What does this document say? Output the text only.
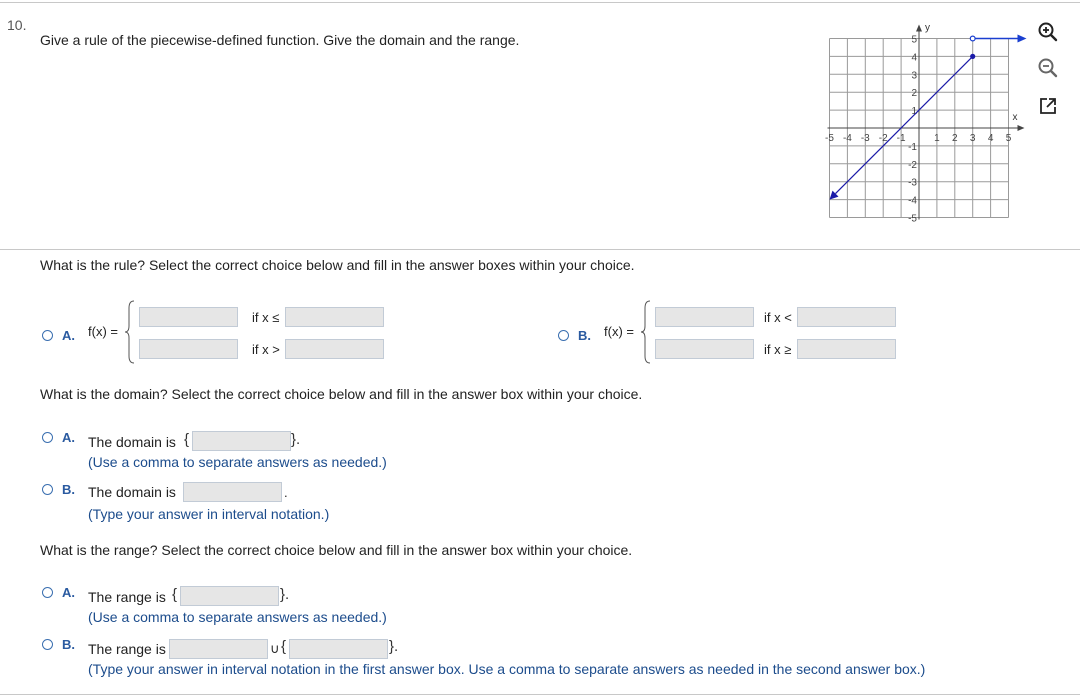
10.
Give a rule of the piecewise-defined function. Give the domain and the range.
y
x
-5 -4 -3 -2 -1	1 2 3 4 5
5
4
3
2
1
-1
-2
-3
-4
-5
What is the rule? Select the correct choice below and fill in the answer boxes within your choice.
A. f(x) =
if x ≤
if x >
B. f(x) =
if x <
if x ≥
What is the domain? Select the correct choice below and fill in the answer box within your choice.
A. The domain is {	}.
(Use a comma to separate answers as needed.)
B. The domain is	.
(Type your answer in interval notation.)
What is the range? Select the correct choice below and fill in the answer box within your choice.
A. The range is {	}.
(Use a comma to separate answers as needed.)
B. The range is	∪ {	}.
(Type your answer in interval notation in the first answer box. Use a comma to separate answers as needed in the second answer box.)
